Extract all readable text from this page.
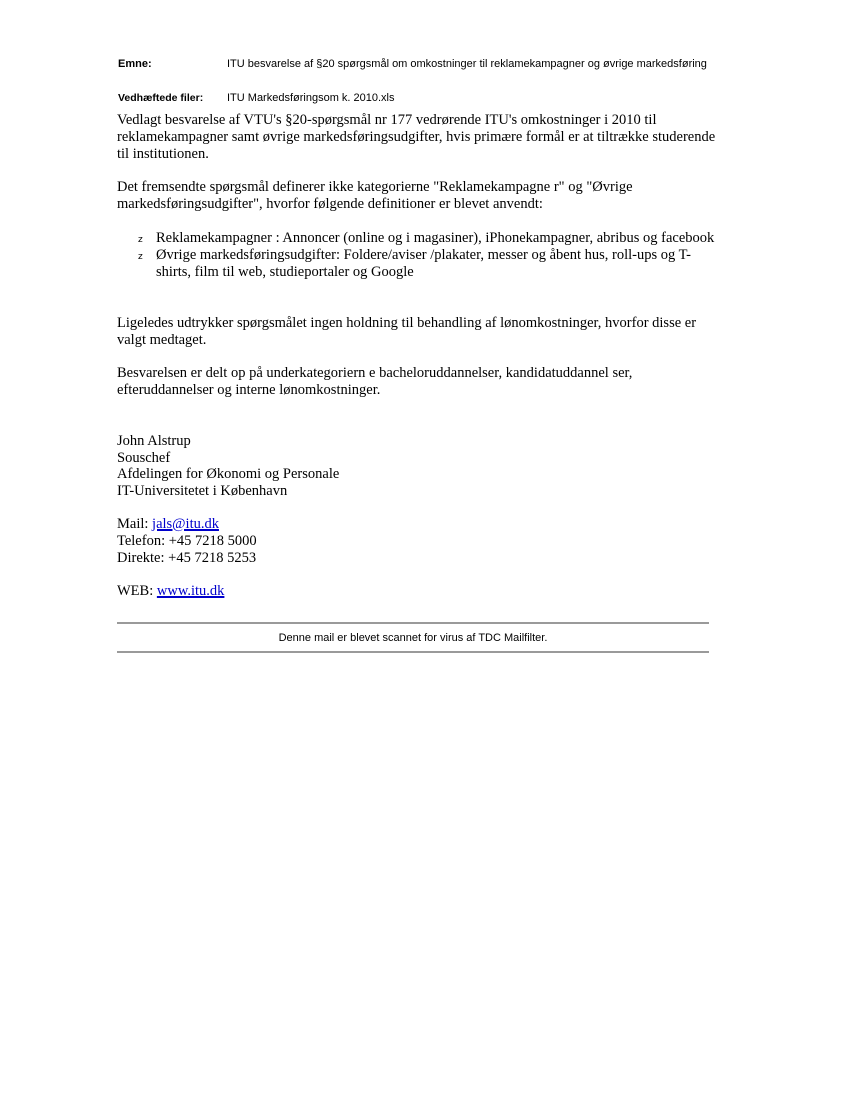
Emne:	ITU besvarelse af §20 spørgsmål om omkostninger til reklamekampagner og øvrige markedsføring
Vedhæftede filer: ITU Markedsføringsom k. 2010.xls

Vedlagt besvarelse af VTU's §20-spørgsmål nr 177 vedrørende ITU's omkostninger i 2010 til reklamekampagner samt øvrige markedsføringsudgifter, hvis primære formål er at tiltrække studerende til institutionen.

Det fremsendte spørgsmål definerer ikke kategorierne "Reklamekampagne r" og "Øvrige markedsføringsudgifter", hvorfor følgende definitioner er blevet anvendt:

z Reklamekampagner : Annoncer (online og i magasiner), iPhonekampagner, abribus og facebook
z Øvrige markedsføringsudgifter: Foldere/aviser /plakater, messer og åbent hus, roll-ups og T-shirts, film til web, studieportaler og Google

Ligeledes udtrykker spørgsmålet ingen holdning til behandling af lønomkostninger, hvorfor disse er valgt medtaget.

Besvarelsen er delt op på underkategoriern e bacheloruddannelser, kandidatuddannel ser, efteruddannelser og interne lønomkostninger.

John Alstrup
Souschef
Afdelingen for Økonomi og Personale
IT-Universitetet i København
Mail: jals@itu.dk
Telefon: +45 7218 5000
Direkte: +45 7218 5253
WEB: www.itu.dk
Denne mail er blevet scannet for virus af TDC Mailfilter.
